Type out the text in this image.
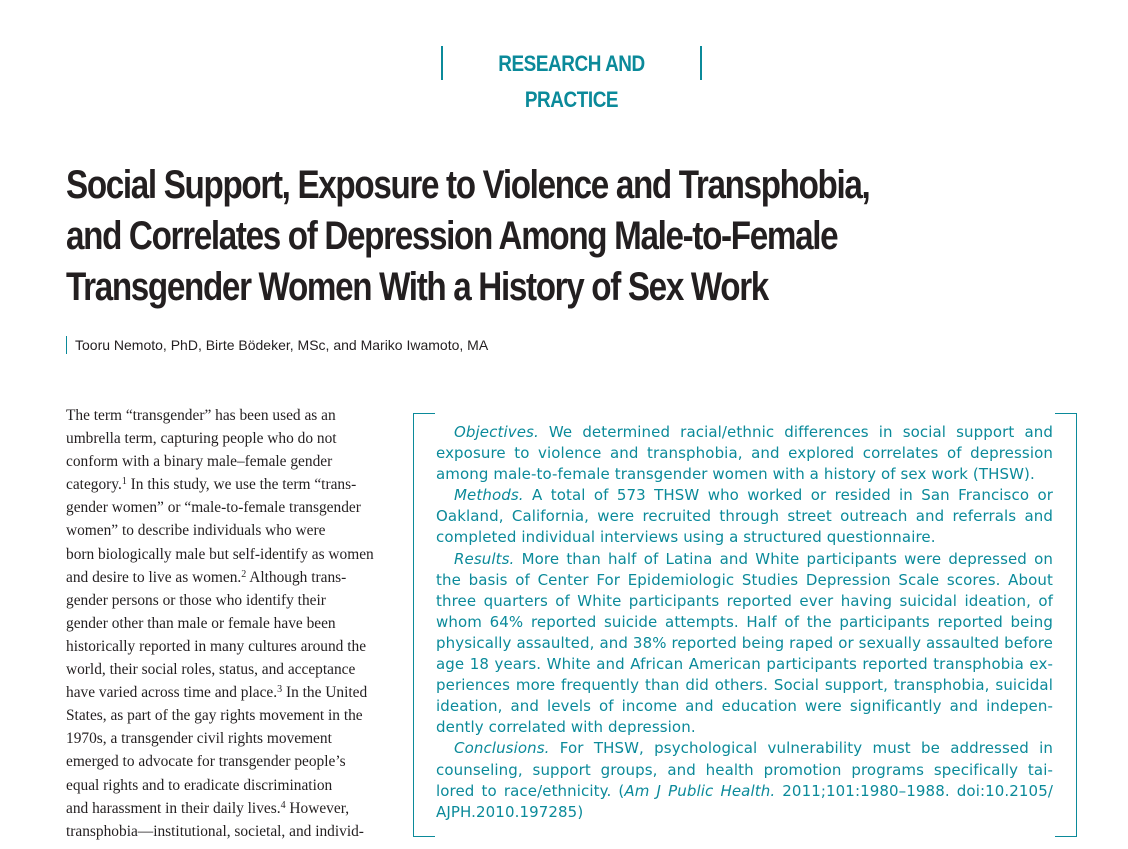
RESEARCH AND PRACTICE
Social Support, Exposure to Violence and Transphobia,
and Correlates of Depression Among Male-to-Female
Transgender Women With a History of Sex Work
Tooru Nemoto, PhD, Birte Bödeker, MSc, and Mariko Iwamoto, MA
The term “transgender” has been used as an
umbrella term, capturing people who do not
conform with a binary male–female gender
category.$^1$ In this study, we use the term “trans-
gender women” or “male-to-female transgender
women” to describe individuals who were
born biologically male but self-identify as women
and desire to live as women.$^2$ Although trans-
gender persons or those who identify their
gender other than male or female have been
historically reported in many cultures around the
world, their social roles, status, and acceptance
have varied across time and place.$^3$ In the United
States, as part of the gay rights movement in the
1970s, a transgender civil rights movement
emerged to advocate for transgender people’s
equal rights and to eradicate discrimination
and harassment in their daily lives.$^4$ However,
transphobia—institutional, societal, and individ-
Objectives. We determined racial/ethnic differences in social support and
exposure to violence and transphobia, and explored correlates of depression
among male-to-female transgender women with a history of sex work (THSW).
Methods. A total of 573 THSW who worked or resided in San Francisco or
Oakland, California, were recruited through street outreach and referrals and
completed individual interviews using a structured questionnaire.
Results. More than half of Latina and White participants were depressed on
the basis of Center For Epidemiologic Studies Depression Scale scores. About
three quarters of White participants reported ever having suicidal ideation, of
whom 64% reported suicide attempts. Half of the participants reported being
physically assaulted, and 38% reported being raped or sexually assaulted before
age 18 years. White and African American participants reported transphobia ex-
periences more frequently than did others. Social support, transphobia, suicidal
ideation, and levels of income and education were significantly and indepen-
dently correlated with depression.
Conclusions. For THSW, psychological vulnerability must be addressed in
counseling, support groups, and health promotion programs specifically tai-
lored to race/ethnicity. (Am J Public Health. 2011;101:1980–1988. doi:10.2105/
AJPH.2010.197285)
